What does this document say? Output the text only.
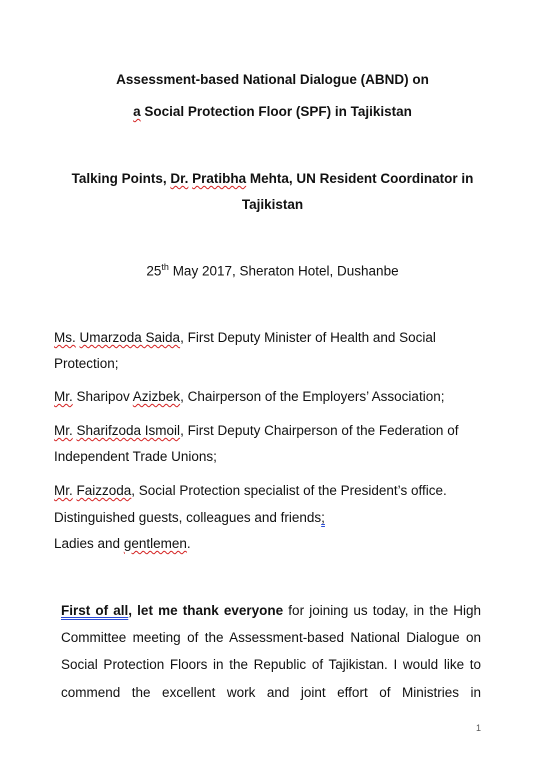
Assessment-based National Dialogue (ABND) on
a Social Protection Floor (SPF) in Tajikistan
Talking Points, Dr. Pratibha Mehta, UN Resident Coordinator in
Tajikistan
25th May 2017, Sheraton Hotel, Dushanbe
Ms. Umarzoda Saida, First Deputy Minister of Health and Social
Protection;
Mr. Sharipov Azizbek, Chairperson of the Employers’ Association;
Mr. Sharifzoda Ismoil, First Deputy Chairperson of the Federation of
Independent Trade Unions;
Mr. Faizzoda, Social Protection specialist of the President’s office.
Distinguished guests, colleagues and friends;
Ladies and gentlemen.
First of all, let me thank everyone for joining us today, in the High
Committee meeting of the Assessment-based National Dialogue on
Social Protection Floors in the Republic of Tajikistan. I would like to
commend the excellent work and joint effort of Ministries in
1
